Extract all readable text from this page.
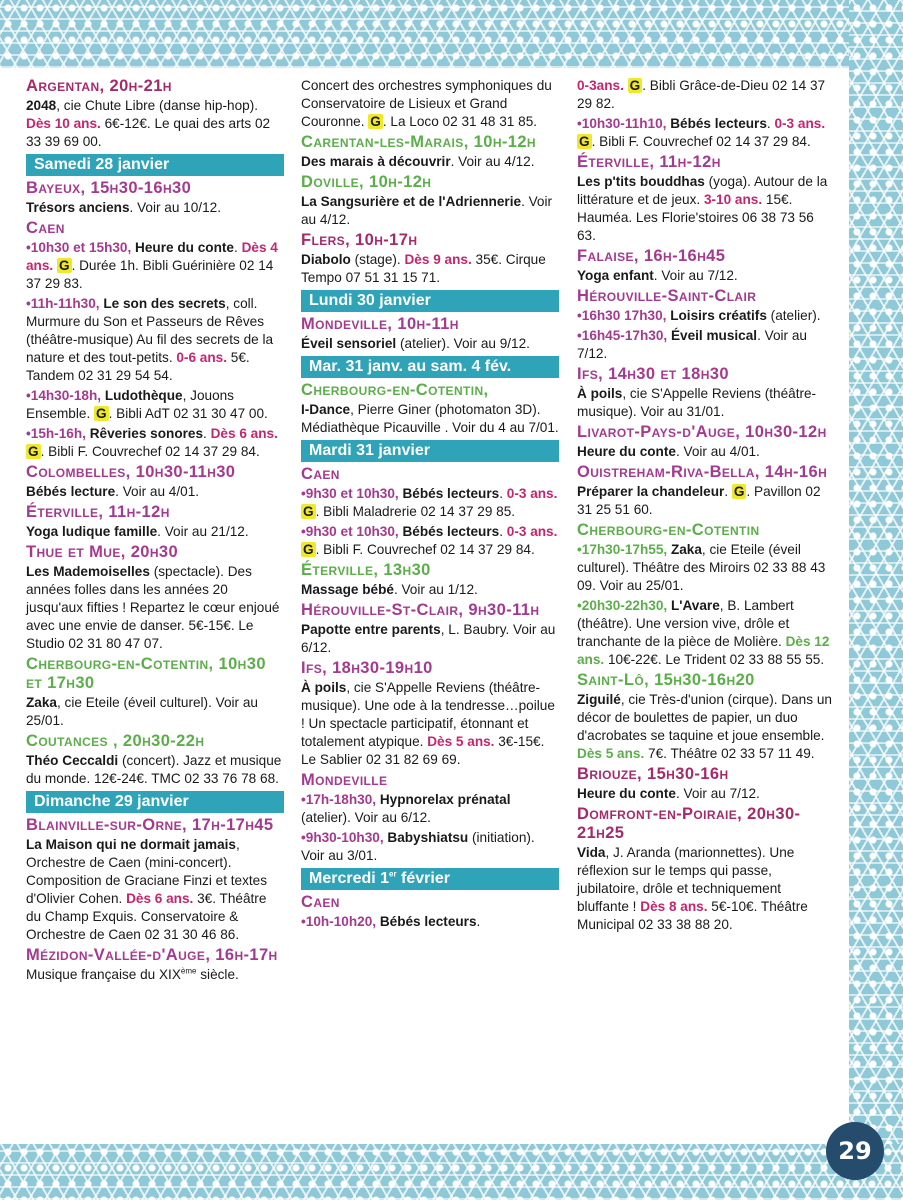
Argentan, 20h-21h
2048, cie Chute Libre (danse hip-hop). Dès 10 ans. 6€-12€. Le quai des arts 02 33 39 69 00.
Samedi 28 janvier
Bayeux, 15h30-16h30
Trésors anciens. Voir au 10/12.
Caen
•10h30 et 15h30, Heure du conte. Dès 4 ans. G . Durée 1h. Bibli Guérinière 02 14 37 29 83.
•11h-11h30, Le son des secrets, coll. Murmure du Son et Passeurs de Rêves (théâtre-musique) Au fil des secrets de la nature et des tout-petits. 0-6 ans. 5€. Tandem 02 31 29 54 54.
•14h30-18h, Ludothèque, Jouons Ensemble. G . Bibli AdT 02 31 30 47 00.
•15h-16h, Rêveries sonores. Dès 6 ans. G . Bibli F. Couvrechef 02 14 37 29 84.
Colombelles, 10h30-11h30
Bébés lecture. Voir au 4/01.
Éterville, 11h-12h
Yoga ludique famille. Voir au 21/12.
Thue et Mue, 20h30
Les Mademoiselles (spectacle). Des années folles dans les années 20 jusqu'aux fifties ! Repartez le cœur enjoué avec une envie de danser. 5€-15€. Le Studio 02 31 80 47 07.
Cherbourg-en-Cotentin, 10h30 et 17h30
Zaka, cie Eteile (éveil culturel). Voir au 25/01.
Coutances , 20h30-22h
Théo Ceccaldi (concert). Jazz et musique du monde. 12€-24€. TMC 02 33 76 78 68.
Dimanche 29 janvier
Blainville-sur-Orne, 17h-17h45
La Maison qui ne dormait jamais, Orchestre de Caen (mini-concert). Composition de Graciane Finzi et textes d'Olivier Cohen. Dès 6 ans. 3€. Théâtre du Champ Exquis. Conservatoire & Orchestre de Caen 02 31 30 46 86.
Mézidon-Vallée-d'Auge, 16h-17h
Musique française du XIXème siècle.
Concert des orchestres symphoniques du Conservatoire de Lisieux et Grand Couronne. G . La Loco 02 31 48 31 85.
Carentan-les-Marais, 10h-12h
Des marais à découvrir. Voir au 4/12.
Doville, 10h-12h
La Sangsurière et de l'Adriennerie. Voir au 4/12.
Flers, 10h-17h
Diabolo (stage). Dès 9 ans. 35€. Cirque Tempo 07 51 31 15 71.
Lundi 30 janvier
Mondeville, 10h-11h
Éveil sensoriel (atelier). Voir au 9/12.
Mar. 31 janv. au sam. 4 fév.
Cherbourg-en-Cotentin,
I-Dance, Pierre Giner (photomaton 3D). Médiathèque Picauville . Voir du 4 au 7/01.
Mardi 31 janvier
Caen
•9h30 et 10h30, Bébés lecteurs. 0-3 ans. G . Bibli Maladrerie 02 14 37 29 85.
•9h30 et 10h30, Bébés lecteurs. 0-3 ans. G . Bibli F. Couvrechef 02 14 37 29 84.
Éterville, 13h30
Massage bébé. Voir au 1/12.
Hérouville-St-Clair, 9h30-11h
Papotte entre parents, L. Baubry. Voir au 6/12.
Ifs, 18h30-19h10
À poils, cie S'Appelle Reviens (théâtre-musique). Une ode à la tendresse…poilue ! Un spectacle participatif, étonnant et totalement atypique. Dès 5 ans. 3€-15€. Le Sablier 02 31 82 69 69.
Mondeville
•17h-18h30, Hypnorelax prénatal (atelier). Voir au 6/12.
•9h30-10h30, Babyshiatsu (initiation). Voir au 3/01.
Mercredi 1er février
Caen
•10h-10h20, Bébés lecteurs.
0-3ans. G . Bibli Grâce-de-Dieu 02 14 37 29 82.
•10h30-11h10, Bébés lecteurs. 0-3 ans. G . Bibli F. Couvrechef 02 14 37 29 84.
Éterville, 11h-12h
Les p'tits bouddhas (yoga). Autour de la littérature et de jeux. 3-10 ans. 15€. Hauméa. Les Florie'stoires 06 38 73 56 63.
Falaise, 16h-16h45
Yoga enfant. Voir au 7/12.
Hérouville-Saint-Clair
•16h30 17h30, Loisirs créatifs (atelier).
•16h45-17h30, Éveil musical. Voir au 7/12.
Ifs, 14h30 et 18h30
À poils, cie S'Appelle Reviens (théâtre-musique). Voir au 31/01.
Livarot-Pays-d'Auge, 10h30-12h
Heure du conte. Voir au 4/01.
Ouistreham-Riva-Bella, 14h-16h
Préparer la chandeleur. G . Pavillon 02 31 25 51 60.
Cherbourg-en-Cotentin
•17h30-17h55, Zaka, cie Eteile (éveil culturel). Théâtre des Miroirs 02 33 88 43 09. Voir au 25/01.
•20h30-22h30, L'Avare, B. Lambert (théâtre). Une version vive, drôle et tranchante de la pièce de Molière. Dès 12 ans. 10€-22€. Le Trident 02 33 88 55 55.
Saint-Lô, 15h30-16h20
Ziguilé, cie Très-d'union (cirque). Dans un décor de boulettes de papier, un duo d'acrobates se taquine et joue ensemble. Dès 5 ans. 7€. Théâtre 02 33 57 11 49.
Briouze, 15h30-16h
Heure du conte. Voir au 7/12.
Domfront-en-Poiraie, 20h30-21h25
Vida, J. Aranda (marionnettes). Une réflexion sur le temps qui passe, jubilatoire, drôle et techniquement bluffante ! Dès 8 ans. 5€-10€. Théâtre Municipal 02 33 38 88 20.
29
